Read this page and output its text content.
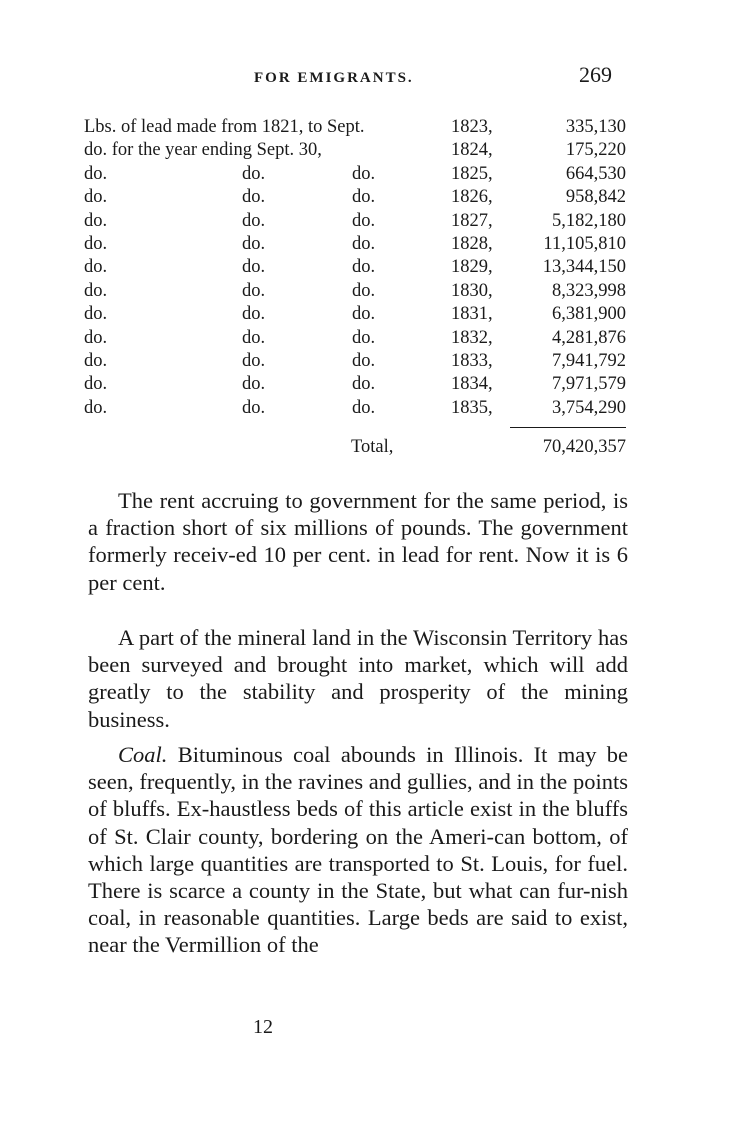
FOR EMIGRANTS.	269
Lbs. of lead made from 1821, to Sept.	1823,	335,130
do. for the year ending Sept. 30,	1824,	175,220
do.	do.	do.	1825,	664,530
do.	do.	do.	1826,	958,842
do.	do.	do.	1827,	5,182,180
do.	do.	do.	1828,	11,105,810
do.	do.	do.	1829,	13,344,150
do.	do.	do.	1830,	8,323,998
do.	do.	do.	1831,	6,381,900
do.	do.	do.	1832,	4,281,876
do.	do.	do.	1833,	7,941,792
do.	do.	do.	1834,	7,971,579
do.	do.	do.	1835,	3,754,290
Total,	70,420,357

The rent accruing to government for the same period, is a fraction short of six millions of pounds. The government formerly receiv-ed 10 per cent. in lead for rent. Now it is 6 per cent.

A part of the mineral land in the Wisconsin Territory has been surveyed and brought into market, which will add greatly to the stability and prosperity of the mining business.

Coal. Bituminous coal abounds in Illinois. It may be seen, frequently, in the ravines and gullies, and in the points of bluffs. Ex-haustless beds of this article exist in the bluffs of St. Clair county, bordering on the Ameri-can bottom, of which large quantities are transported to St. Louis, for fuel. There is scarce a county in the State, but what can fur-nish coal, in reasonable quantities. Large beds are said to exist, near the Vermillion of the

12
